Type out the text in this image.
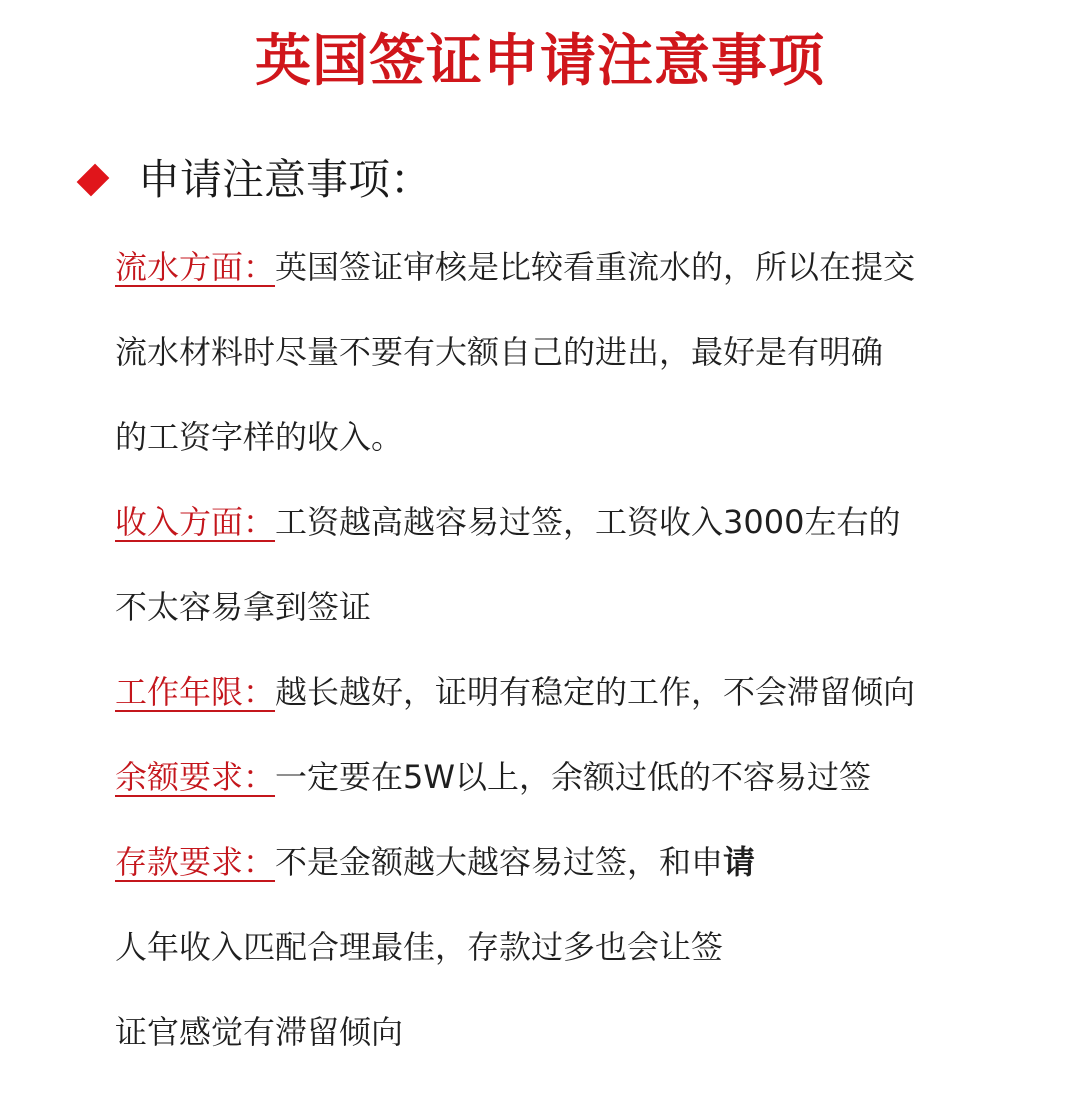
英国签证申请注意事项
申请注意事项：
流水方面：英国签证审核是比较看重流水的，所以在提交
流水材料时尽量不要有大额自己的进出，最好是有明确
的工资字样的收入。
收入方面：工资越高越容易过签，工资收入3000左右的
不太容易拿到签证
工作年限：越长越好，证明有稳定的工作，不会滞留倾向
余额要求：一定要在5W以上，余额过低的不容易过签
存款要求：不是金额越大越容易过签，和申请
人年收入匹配合理最佳，存款过多也会让签
证官感觉有滞留倾向
